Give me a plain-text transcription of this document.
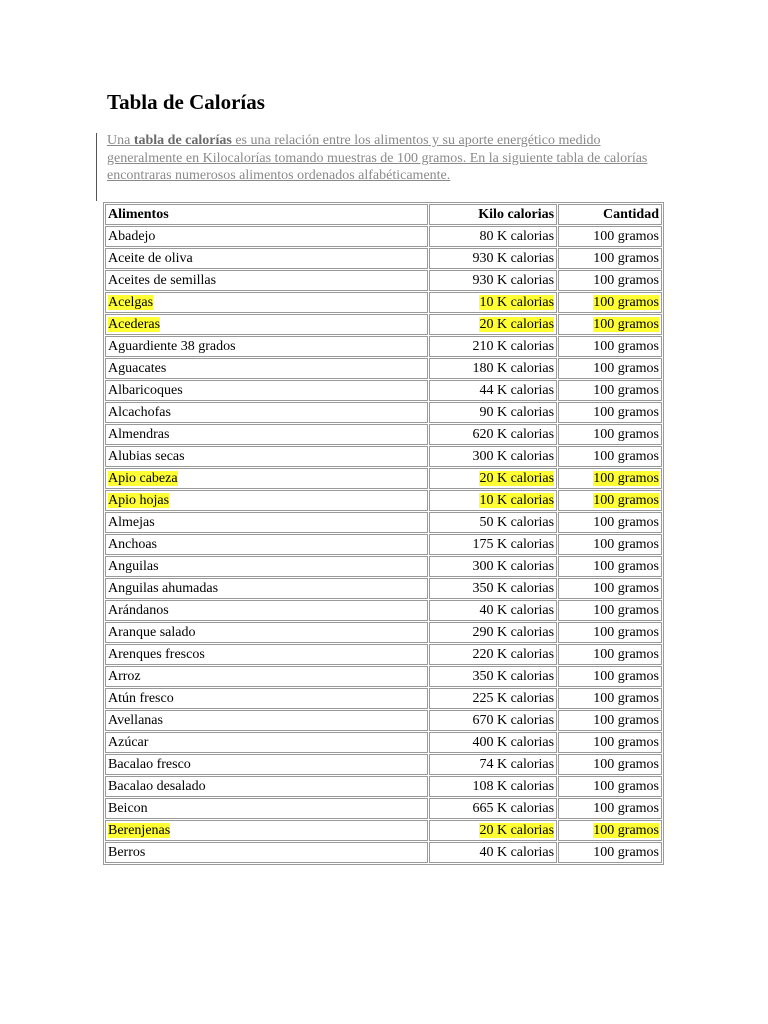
Tabla de Calorías

Una tabla de calorías es una relación entre los alimentos y su aporte energético medido generalmente en Kilocalorías tomando muestras de 100 gramos. En la siguiente tabla de calorías encontraras numerosos alimentos ordenados alfabéticamente.

Alimentos	Kilo calorias	Cantidad
Abadejo	80 K calorias	100 gramos
Aceite de oliva	930 K calorias	100 gramos
Aceites de semillas	930 K calorias	100 gramos
Acelgas	10 K calorias	100 gramos
Acederas	20 K calorias	100 gramos
Aguardiente 38 grados	210 K calorias	100 gramos
Aguacates	180 K calorias	100 gramos
Albaricoques	44 K calorias	100 gramos
Alcachofas	90 K calorias	100 gramos
Almendras	620 K calorias	100 gramos
Alubias secas	300 K calorias	100 gramos
Apio cabeza	20 K calorias	100 gramos
Apio hojas	10 K calorias	100 gramos
Almejas	50 K calorias	100 gramos
Anchoas	175 K calorias	100 gramos
Anguilas	300 K calorias	100 gramos
Anguilas ahumadas	350 K calorias	100 gramos
Arándanos	40 K calorias	100 gramos
Aranque salado	290 K calorias	100 gramos
Arenques frescos	220 K calorias	100 gramos
Arroz	350 K calorias	100 gramos
Atún fresco	225 K calorias	100 gramos
Avellanas	670 K calorias	100 gramos
Azúcar	400 K calorias	100 gramos
Bacalao fresco	74 K calorias	100 gramos
Bacalao desalado	108 K calorias	100 gramos
Beicon	665 K calorias	100 gramos
Berenjenas	20 K calorias	100 gramos
Berros	40 K calorias	100 gramos
